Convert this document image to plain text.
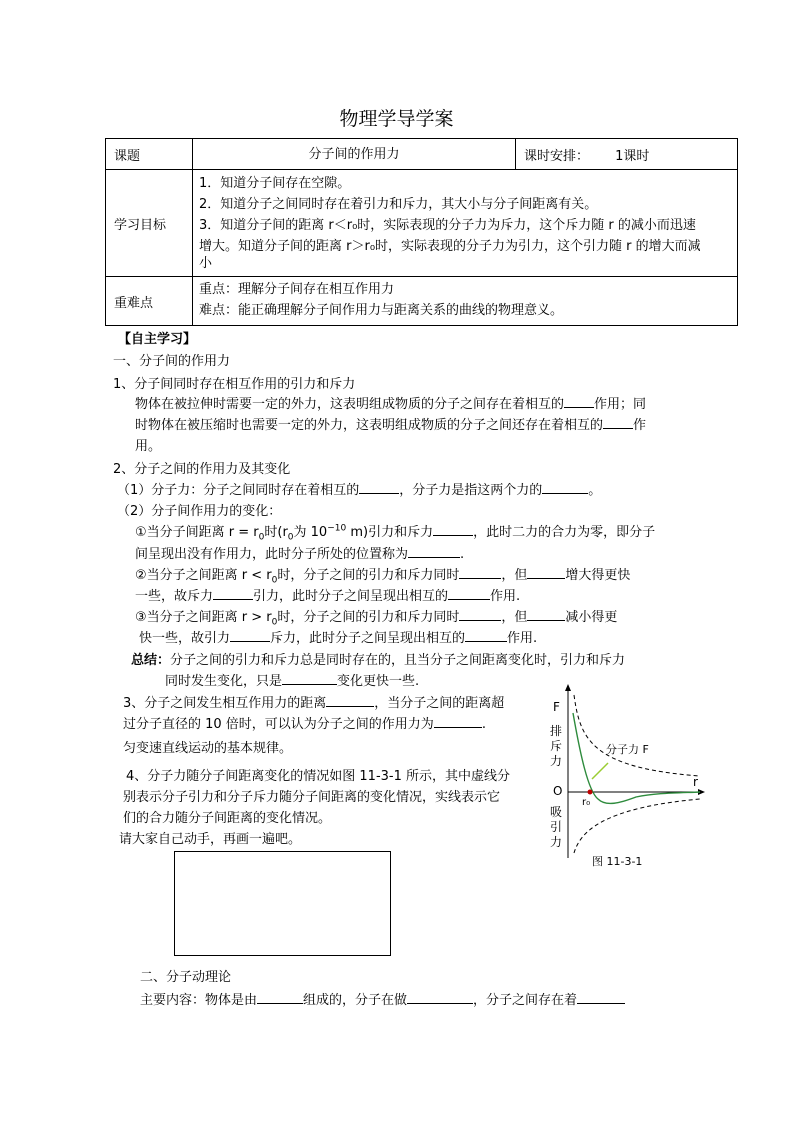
物理学导学案
课题	分子间的作用力	课时安排： 1课时
学习目标	1．知道分子间存在空隙。
2．知道分子之间同时存在着引力和斥力，其大小与分子间距离有关。
3．知道分子间的距离 r＜r₀时，实际表现的分子力为斥力，这个斥力随 r 的减小而迅速
增大。知道分子间的距离 r＞r₀时，实际表现的分子力为引力，这个引力随 r 的增大而减
小	

重难点	重点：理解分子间存在相互作用力
难点：能正确理解分子间作用力与距离关系的曲线的物理意义。	
【自主学习】
一、分子间的作用力
1、分子间同时存在相互作用的引力和斥力
物体在被拉伸时需要一定的外力，这表明组成物质的分子之间存在着相互的 作用；同
时物体在被压缩时也需要一定的外力，这表明组成物质的分子之间还存在着相互的 作
用。
2、分子之间的作用力及其变化
（1）分子力：分子之间同时存在着相互的	，分子力是指这两个力的	。
（2）分子间作用力的变化：
①当分子间距离 $r = r_0$时($r_0$为 $10^{-10}$ m)引力和斥力	，此时二力的合力为零，即分子
间呈现出没有作用力，此时分子所处的位置称为	.
②当分子之间距离 $r < r_0$时，分子之间的引力和斥力同时	，但	增大得更快
一些，故斥力	引力，此时分子之间呈现出相互的	作用.
③当分子之间距离 $r > r_0$时，分子之间的引力和斥力同时	，但	减小得更
快一些，故引力	斥力，此时分子之间呈现出相互的	作用.
总结：分子之间的引力和斥力总是同时存在的，且当分子之间距离变化时，引力和斥力
同时发生变化，只是	变化更快一些.
3、分子之间发生相互作用力的距离	，当分子之间的距离超
过分子直径的 10 倍时，可以认为分子之间的作用力为	.
匀变速直线运动的基本规律。
4、分子力随分子间距离变化的情况如图 11-3-1 所示，其中虚线分
别表示分子引力和分子斥力随分子间距离的变化情况，实线表示它
们的合力随分子间距离的变化情况。
请大家自己动手，再画一遍吧。
二、分子动理论
主要内容：物体是由	组成的，分子在做	，分子之间存在着
F
排
斥
力
O
吸
引
力
r
r₀
分子力 F
图 11-3-1
